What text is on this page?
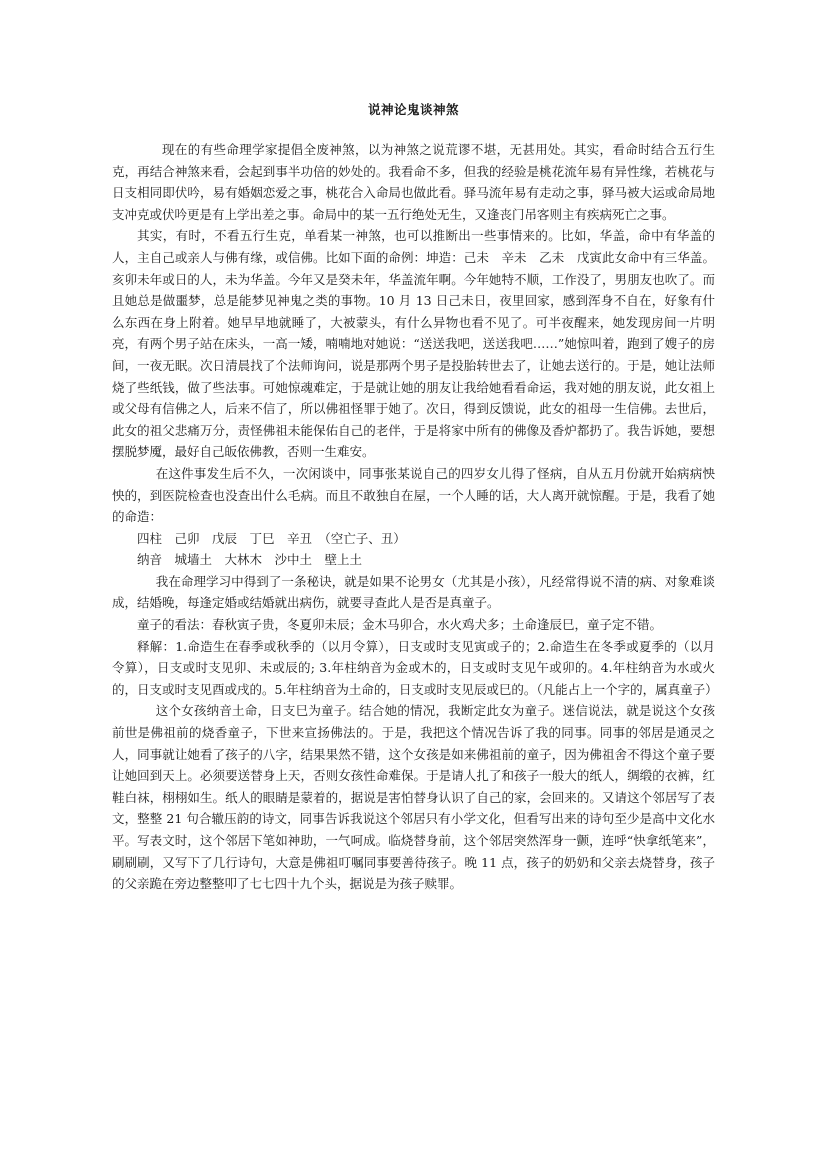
说神论鬼谈神煞

现在的有些命理学家提倡全废神煞，以为神煞之说荒谬不堪，无甚用处。其实，看命时结合五行生克，再结合神煞来看，会起到事半功倍的妙处的。我看命不多，但我的经验是桃花流年易有异性缘，若桃花与日支相同即伏吟，易有婚姻恋爱之事，桃花合入命局也做此看。驿马流年易有走动之事，驿马被大运或命局地支冲克或伏吟更是有上学出差之事。命局中的某一五行绝处无生，又逢丧门吊客则主有疾病死亡之事。

其实，有时，不看五行生克，单看某一神煞，也可以推断出一些事情来的。比如，华盖，命中有华盖的人，主自己或亲人与佛有缘，或信佛。比如下面的命例：坤造：己未　辛未　乙未　戊寅此女命中有三华盖。亥卯未年或日的人，未为华盖。今年又是癸未年，华盖流年啊。今年她特不顺，工作没了，男朋友也吹了。而且她总是做噩梦，总是能梦见神鬼之类的事物。10 月 13 日己未日，夜里回家，感到浑身不自在，好象有什么东西在身上附着。她早早地就睡了，大被蒙头，有什么异物也看不见了。可半夜醒来，她发现房间一片明亮，有两个男子站在床头，一高一矮，喃喃地对她说：“送送我吧，送送我吧……”她惊叫着，跑到了嫂子的房间，一夜无眠。次日清晨找了个法师询问，说是那两个男子是投胎转世去了，让她去送行的。于是，她让法师烧了些纸钱，做了些法事。可她惊魂难定，于是就让她的朋友让我给她看看命运，我对她的朋友说，此女祖上或父母有信佛之人，后来不信了，所以佛祖怪罪于她了。次日，得到反馈说，此女的祖母一生信佛。去世后，此女的祖父悲痛万分，责怪佛祖未能保佑自己的老伴，于是将家中所有的佛像及香炉都扔了。我告诉她，要想摆脱梦魇，最好自己皈依佛教，否则一生难安。

在这件事发生后不久，一次闲谈中，同事张某说自己的四岁女儿得了怪病，自从五月份就开始病病怏怏的，到医院检查也没查出什么毛病。而且不敢独自在屋，一个人睡的话，大人离开就惊醒。于是，我看了她的命造：

四柱　己卯　戊辰　丁巳　辛丑　（空亡子、丑）
纳音　城墙土　大林木　沙中土　壁上土

我在命理学习中得到了一条秘诀，就是如果不论男女（尤其是小孩），凡经常得说不清的病、对象难谈成，结婚晚，每逢定婚或结婚就出病伤，就要寻查此人是否是真童子。

童子的看法：春秋寅子贵，冬夏卯未辰；金木马卯合，水火鸡犬多；土命逢辰巳，童子定不错。

释解：1.命造生在春季或秋季的（以月令算），日支或时支见寅或子的；2.命造生在冬季或夏季的（以月令算），日支或时支见卯、未或辰的; 3.年柱纳音为金或木的，日支或时支见午或卯的。4.年柱纳音为水或火的，日支或时支见酉或戌的。5.年柱纳音为土命的，日支或时支见辰或巳的。（凡能占上一个字的，属真童子）

这个女孩纳音土命，日支巳为童子。结合她的情况，我断定此女为童子。迷信说法，就是说这个女孩前世是佛祖前的烧香童子，下世来宣扬佛法的。于是，我把这个情况告诉了我的同事。同事的邻居是通灵之人，同事就让她看了孩子的八字，结果果然不错，这个女孩是如来佛祖前的童子，因为佛祖舍不得这个童子要让她回到天上。必须要送替身上天，否则女孩性命难保。于是请人扎了和孩子一般大的纸人，绸缎的衣裤，红鞋白袜，栩栩如生。纸人的眼睛是蒙着的，据说是害怕替身认识了自己的家，会回来的。又请这个邻居写了表文，整整 21 句合辙压韵的诗文，同事告诉我说这个邻居只有小学文化，但看写出来的诗句至少是高中文化水平。写表文时，这个邻居下笔如神助，一气呵成。临烧替身前，这个邻居突然浑身一颤，连呼“快拿纸笔来”，刷刷刷，又写下了几行诗句，大意是佛祖叮嘱同事要善待孩子。晚 11 点，孩子的奶奶和父亲去烧替身，孩子的父亲跪在旁边整整叩了七七四十九个头，据说是为孩子赎罪。
